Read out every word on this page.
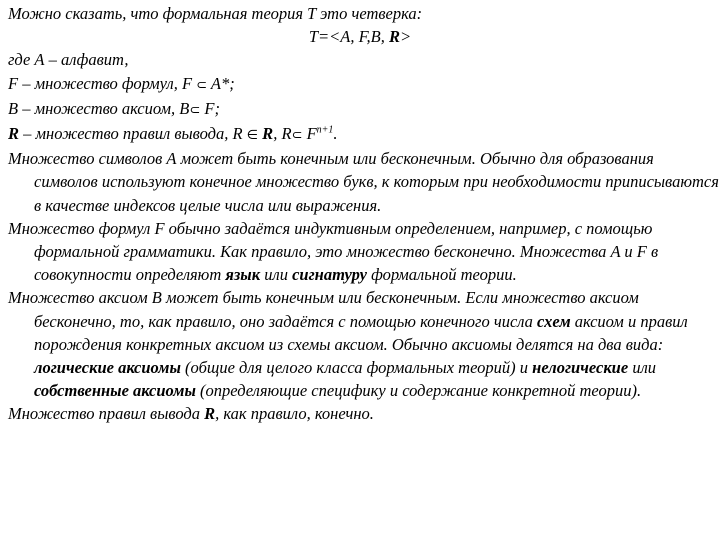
Можно сказать, что формальная теория T это четверка:
T=<A, F,B, R>
где А – алфавит,
F – множество формул, F ⊂ A*;
B – множество аксиом, B⊂ F;
R – множество правил вывода, R ∈ R, R⊂ $F^{n+1}$.
Множество символов А может быть конечным или бесконечным. Обычно для образования символов используют конечное множество букв, к которым при необходимости приписываются в качестве индексов целые числа или выражения.
Множество формул F обычно задаётся индуктивным определением, например, с помощью формальной грамматики. Как правило, это множество бесконечно. Множества A и F в совокупности определяют язык или сигнатуру формальной теории.
Множество аксиом B может быть конечным или бесконечным. Если множество аксиом бесконечно, то, как правило, оно задаётся с помощью конечного числа схем аксиом и правил порождения конкретных аксиом из схемы аксиом. Обычно аксиомы делятся на два вида: логические аксиомы (общие для целого класса формальных теорий) и нелогические или собственные аксиомы (определяющие специфику и содержание конкретной теории).
Множество правил вывода R, как правило, конечно.
